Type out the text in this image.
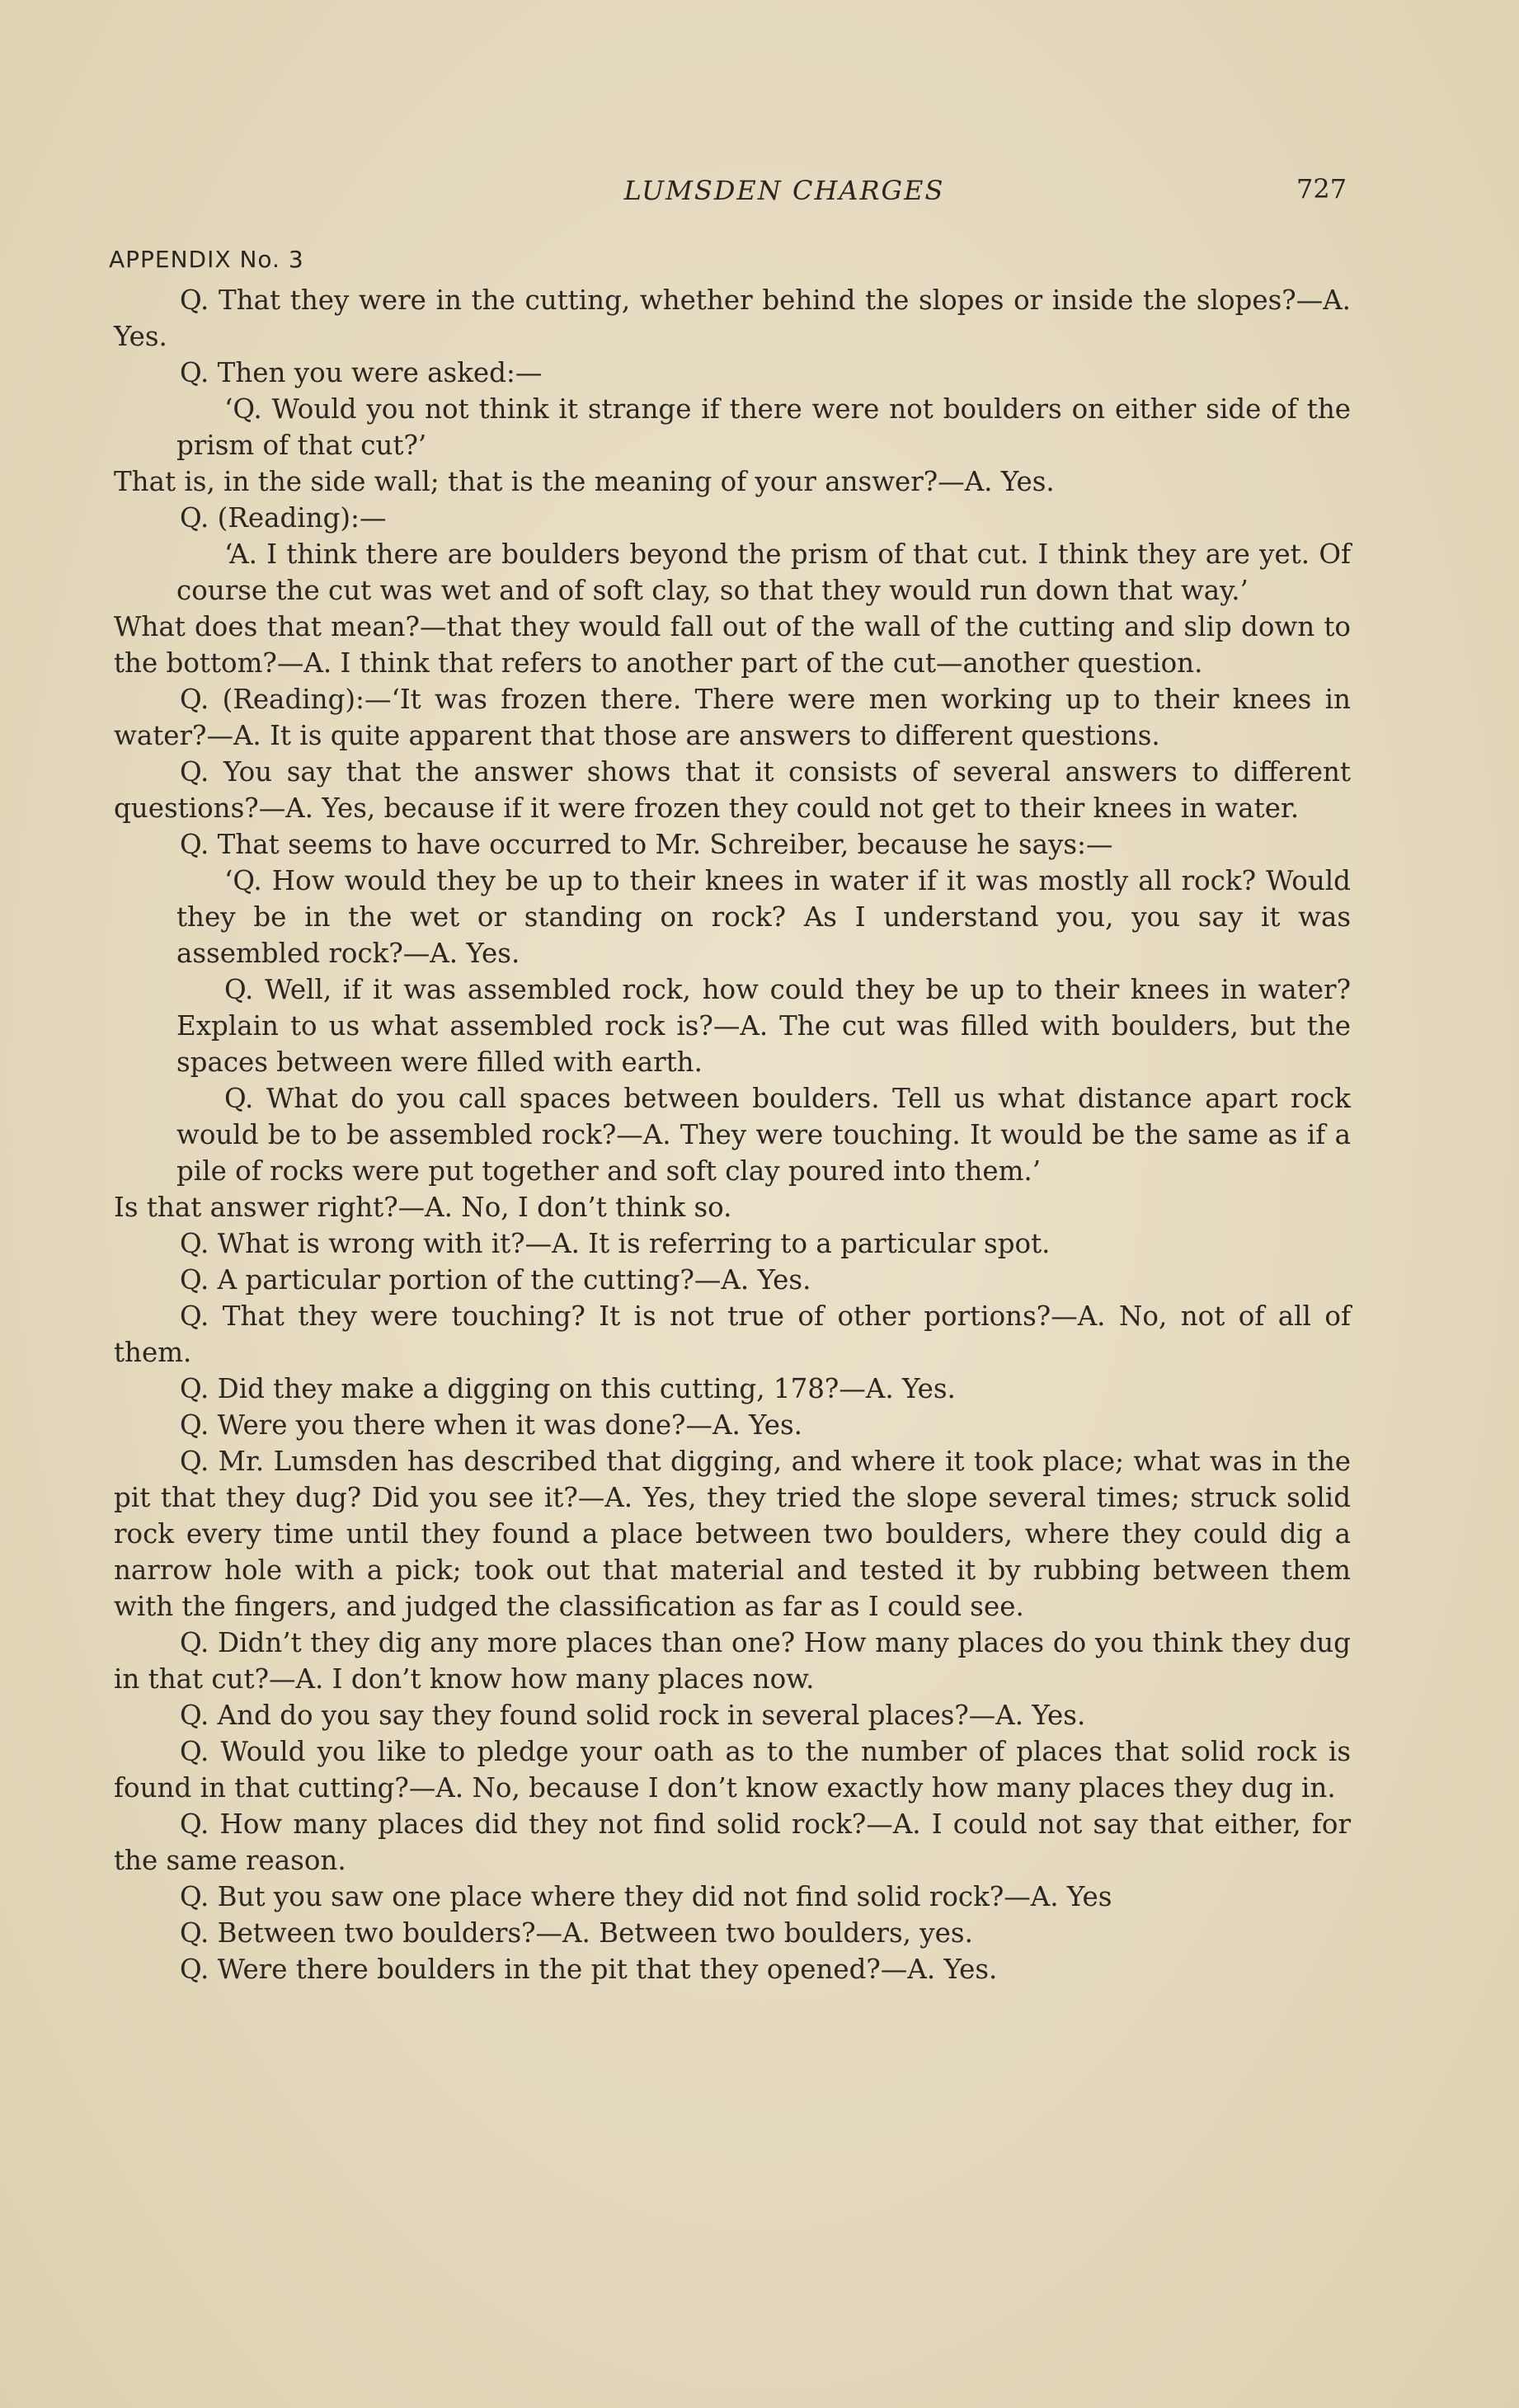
LUMSDEN CHARGES	727
APPENDIX No. 3

Q. That they were in the cutting, whether behind the slopes or inside the slopes?—A. Yes.

Q. Then you were asked:—

‘Q. Would you not think it strange if there were not boulders on either side of the prism of that cut?’

That is, in the side wall; that is the meaning of your answer?—A. Yes.

Q. (Reading):—

‘A. I think there are boulders beyond the prism of that cut. I think they are yet. Of course the cut was wet and of soft clay, so that they would run down that way.’

What does that mean?—that they would fall out of the wall of the cutting and slip down to the bottom?—A. I think that refers to another part of the cut—another question.

Q. (Reading):—‘It was frozen there. There were men working up to their knees in water?—A. It is quite apparent that those are answers to different questions.

Q. You say that the answer shows that it consists of several answers to different questions?—A. Yes, because if it were frozen they could not get to their knees in water.

Q. That seems to have occurred to Mr. Schreiber, because he says:—

‘Q. How would they be up to their knees in water if it was mostly all rock? Would they be in the wet or standing on rock? As I understand you, you say it was assembled rock?—A. Yes.

Q. Well, if it was assembled rock, how could they be up to their knees in water? Explain to us what assembled rock is?—A. The cut was filled with boulders, but the spaces between were filled with earth.

Q. What do you call spaces between boulders. Tell us what distance apart rock would be to be assembled rock?—A. They were touching. It would be the same as if a pile of rocks were put together and soft clay poured into them.’

Is that answer right?—A. No, I don’t think so.

Q. What is wrong with it?—A. It is referring to a particular spot.

Q. A particular portion of the cutting?—A. Yes.

Q. That they were touching? It is not true of other portions?—A. No, not of all of them.

Q. Did they make a digging on this cutting, 178?—A. Yes.

Q. Were you there when it was done?—A. Yes.

Q. Mr. Lumsden has described that digging, and where it took place; what was in the pit that they dug? Did you see it?—A. Yes, they tried the slope several times; struck solid rock every time until they found a place between two boulders, where they could dig a narrow hole with a pick; took out that material and tested it by rubbing between them with the fingers, and judged the classification as far as I could see.

Q. Didn’t they dig any more places than one? How many places do you think they dug in that cut?—A. I don’t know how many places now.

Q. And do you say they found solid rock in several places?—A. Yes.

Q. Would you like to pledge your oath as to the number of places that solid rock is found in that cutting?—A. No, because I don’t know exactly how many places they dug in.

Q. How many places did they not find solid rock?—A. I could not say that either, for the same reason.

Q. But you saw one place where they did not find solid rock?—A. Yes

Q. Between two boulders?—A. Between two boulders, yes.

Q. Were there boulders in the pit that they opened?—A. Yes.
